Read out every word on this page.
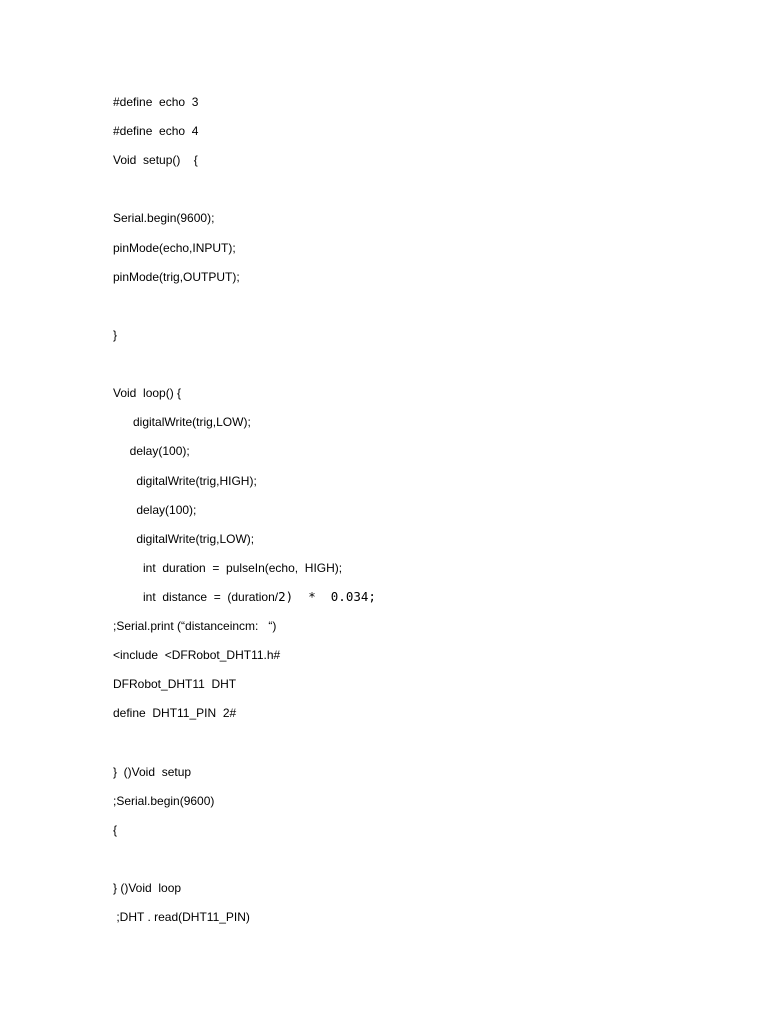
#define  echo  3
#define  echo  4
Void  setup()    {
Serial.begin(9600);
pinMode(echo,INPUT);
pinMode(trig,OUTPUT);
}
Void  loop() {
digitalWrite(trig,LOW);
delay(100);
digitalWrite(trig,HIGH);
delay(100);
digitalWrite(trig,LOW);
int  duration  =  pulseIn(echo,  HIGH);
int  distance  =  (duration/2)  *  0.034;
;Serial.print (“distanceincm:   “)
<include  <DFRobot_DHT11.h#
DFRobot_DHT11  DHT
define  DHT11_PIN  2#
}  ()Void  setup
;Serial.begin(9600)
{
} ()Void  loop
;DHT . read(DHT11_PIN)
